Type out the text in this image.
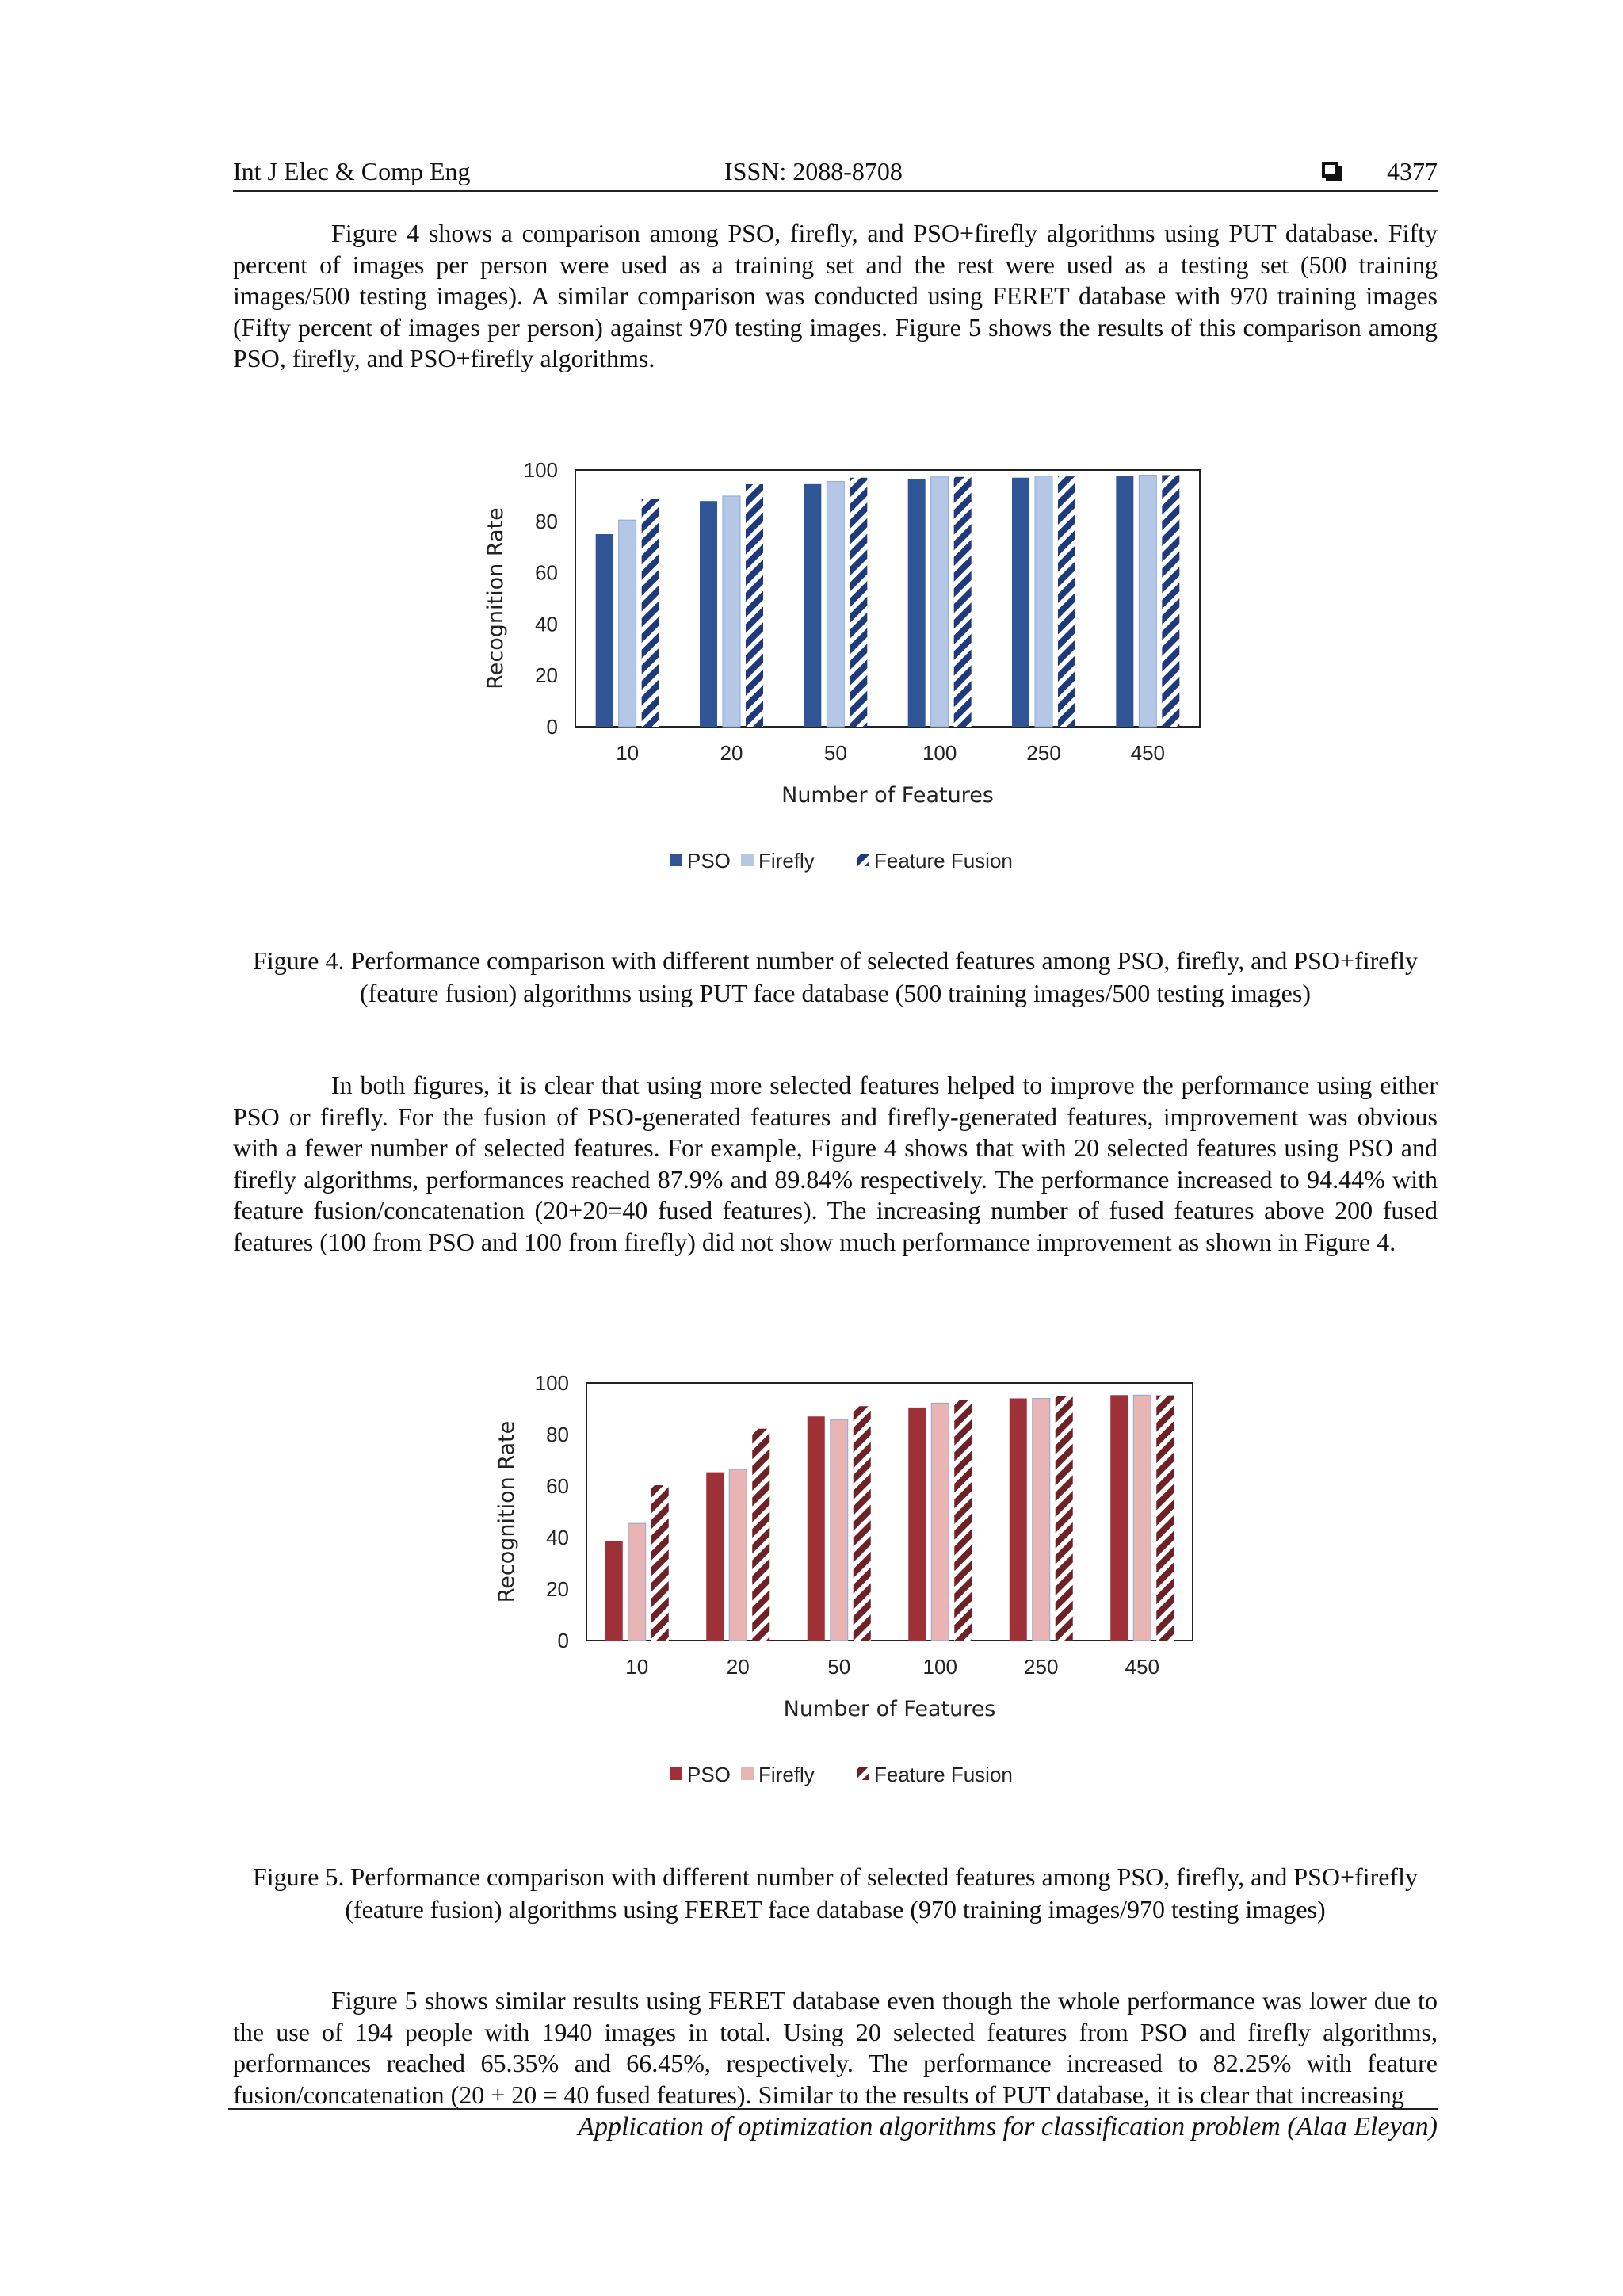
Int J Elec & Comp Eng	ISSN: 2088-8708	4377

Figure 4 shows a comparison among PSO, firefly, and PSO+firefly algorithms using PUT database. Fifty percent of images per person were used as a training set and the rest were used as a testing set (500 training images/500 testing images). A similar comparison was conducted using FERET database with 970 training images (Fifty percent of images per person) against 970 testing images. Figure 5 shows the results of this comparison among PSO, firefly, and PSO+firefly algorithms.

0
20
40
60
80
100
10	20	50	100	250	450
Number of Features
Recognition Rate
PSO Firefly	Feature Fusion

Figure 4. Performance comparison with different number of selected features among PSO, firefly, and PSO+firefly (feature fusion) algorithms using PUT face database (500 training images/500 testing images)

In both figures, it is clear that using more selected features helped to improve the performance using either PSO or firefly. For the fusion of PSO-generated features and firefly-generated features, improvement was obvious with a fewer number of selected features. For example, Figure 4 shows that with 20 selected features using PSO and firefly algorithms, performances reached 87.9% and 89.84% respectively. The performance increased to 94.44% with feature fusion/concatenation (20+20=40 fused features). The increasing number of fused features above 200 fused features (100 from PSO and 100 from firefly) did not show much performance improvement as shown in Figure 4.

0
20
40
60
80
100
10	20	50	100	250	450
Number of Features
Recognition Rate
PSO Firefly	Feature Fusion

Figure 5. Performance comparison with different number of selected features among PSO, firefly, and PSO+firefly (feature fusion) algorithms using FERET face database (970 training images/970 testing images)

Figure 5 shows similar results using FERET database even though the whole performance was lower due to the use of 194 people with 1940 images in total. Using 20 selected features from PSO and firefly algorithms, performances reached 65.35% and 66.45%, respectively. The performance increased to 82.25% with feature fusion/concatenation (20 + 20 = 40 fused features). Similar to the results of PUT database, it is clear that increasing

Application of optimization algorithms for classification problem (Alaa Eleyan)
